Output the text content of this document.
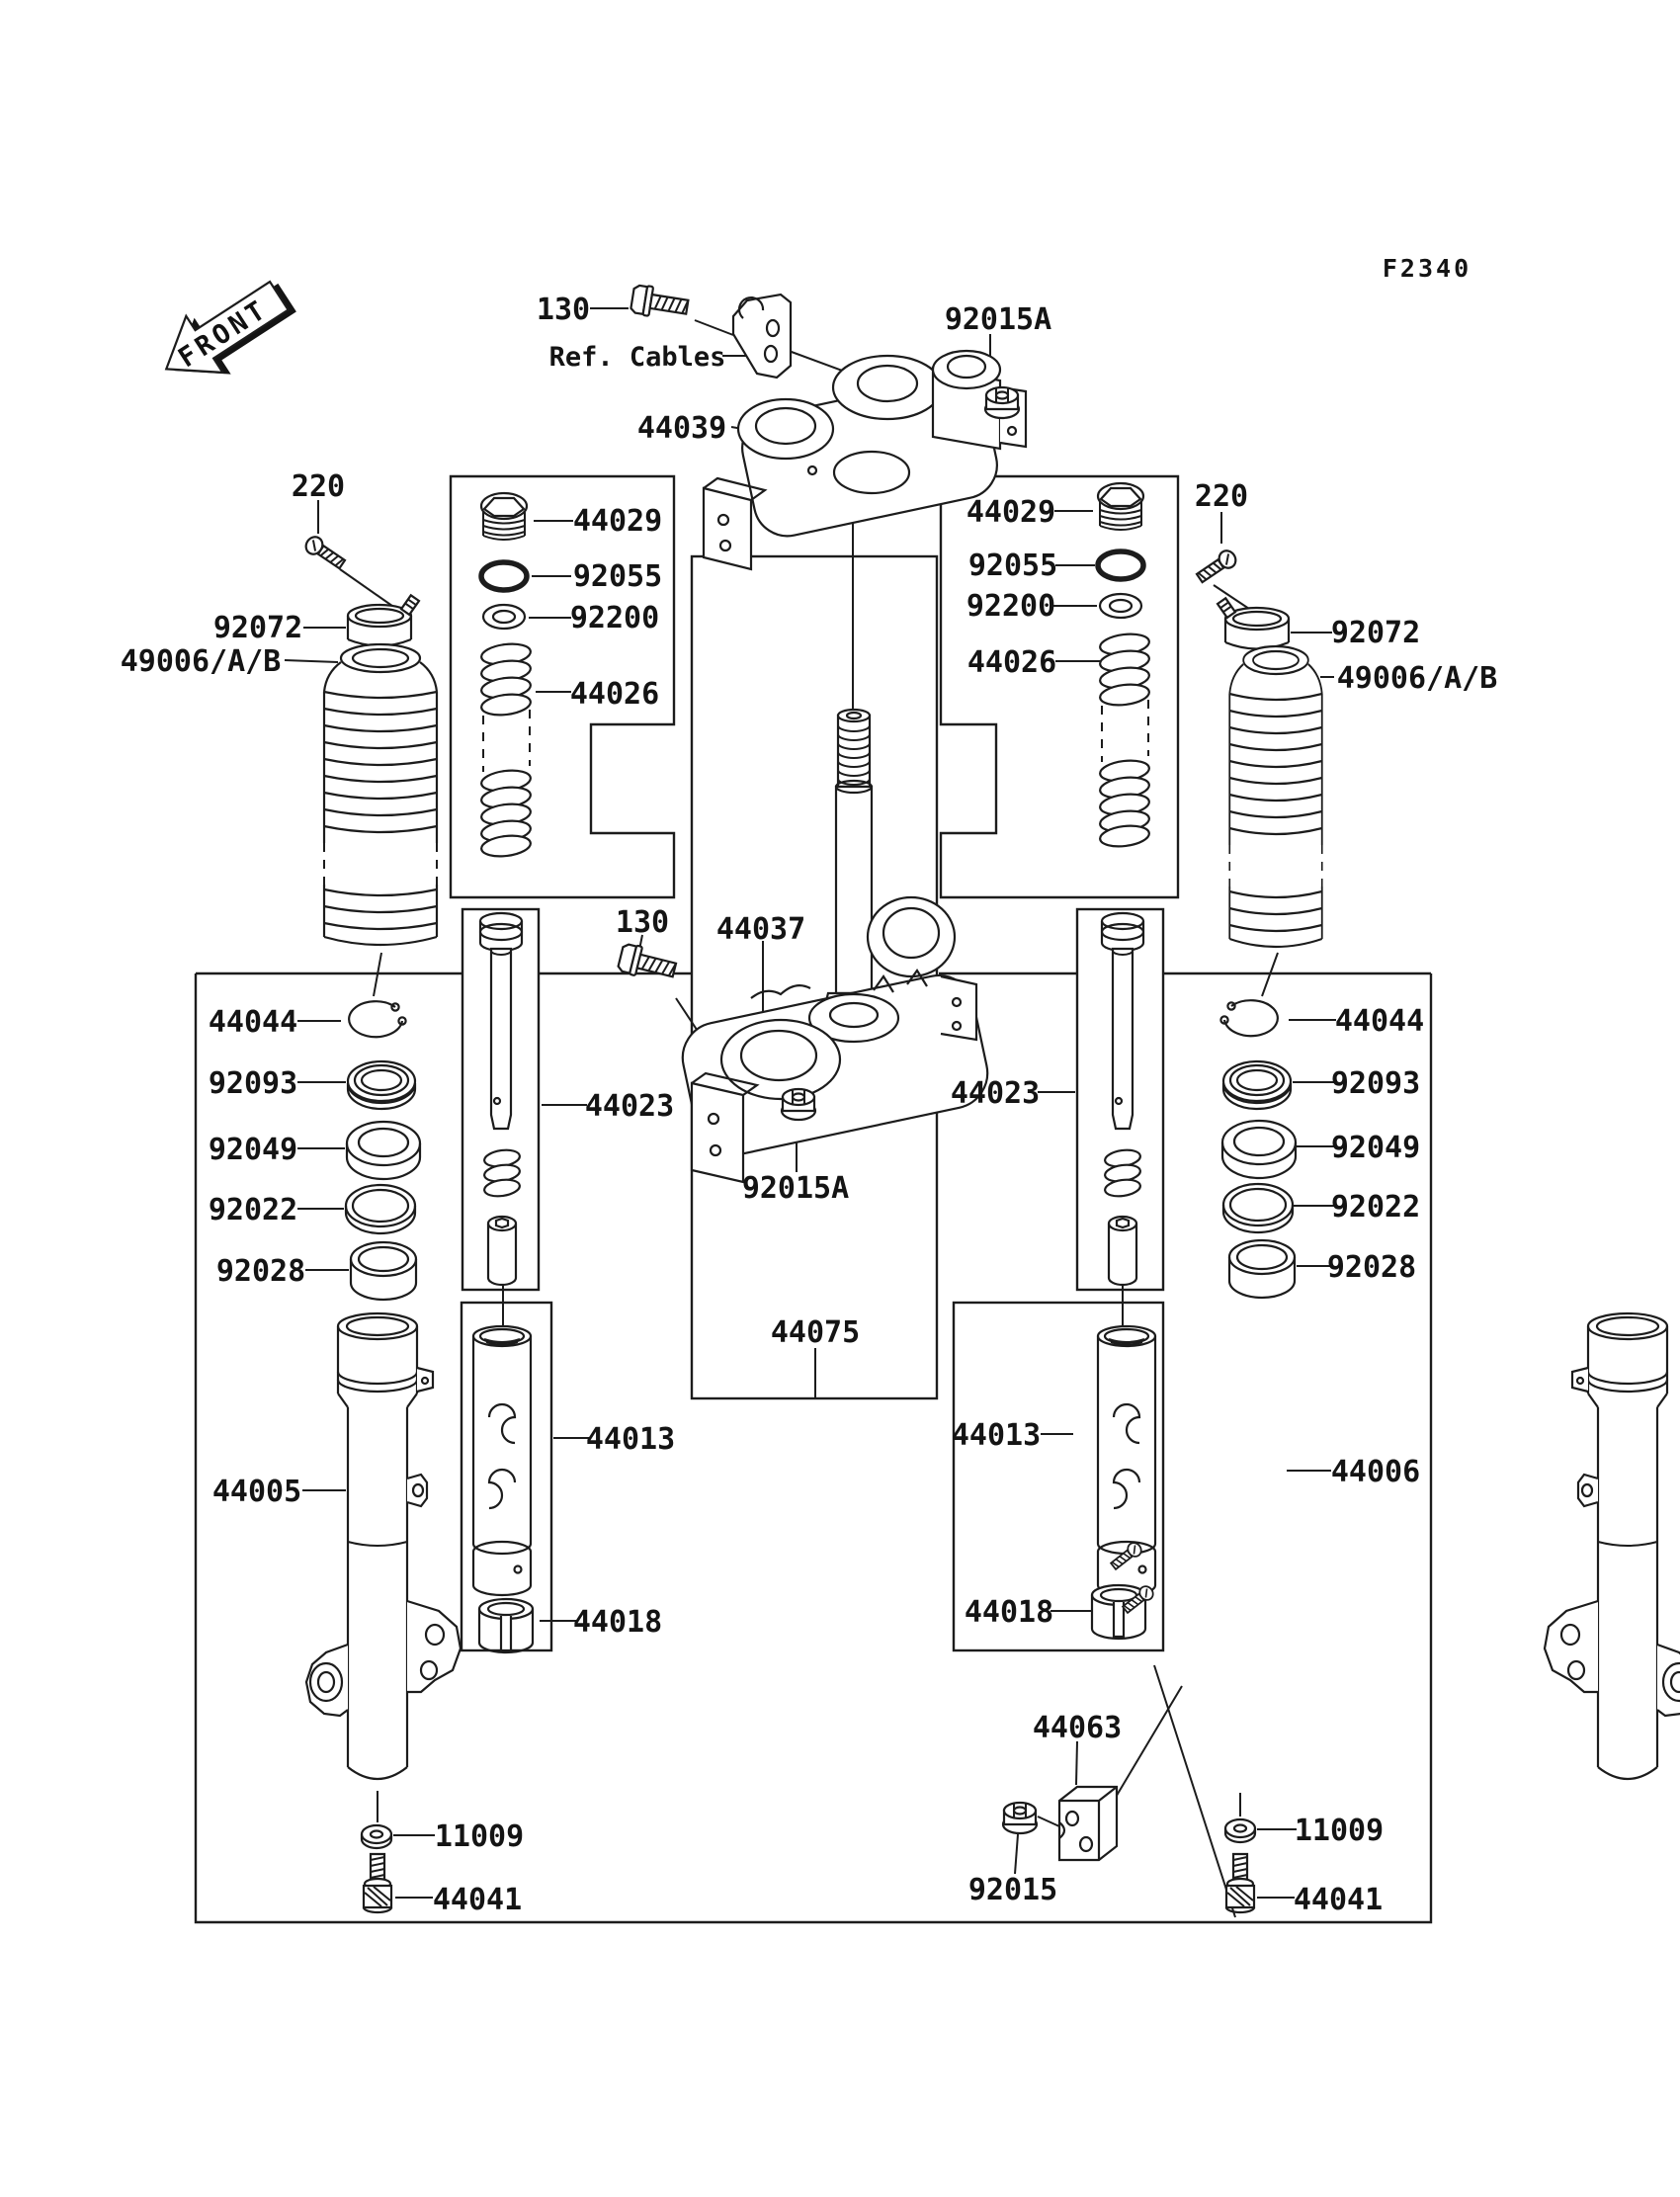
FRONT
F2340
130
Ref. Cables
92015A
44039
220	220
44029
92055
92200
44026
44029
92055
92200
44026
92072	92072
49006/A/B	49006/A/B
44044
92093
92049
92022
92028
44044
92093
92049
92022
92028
44023	44023
130 44037
92015A
44075
44005
44006
44013
44018
44013
44018
44063
92015
11009
44041
11009
44041
